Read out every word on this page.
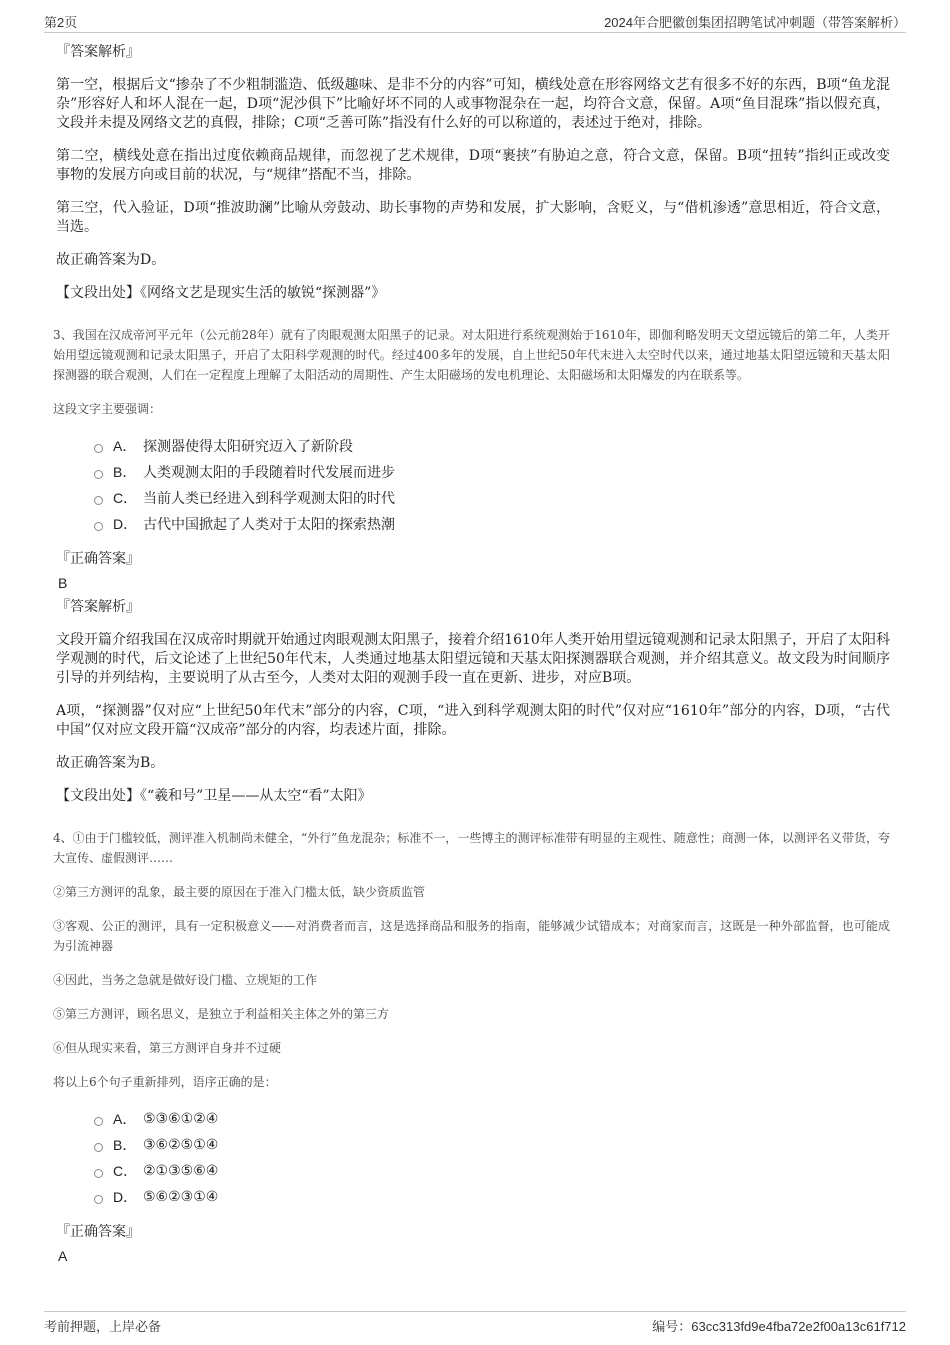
第2页	2024年合肥徽创集团招聘笔试冲刺题（带答案解析）
『答案解析』

第一空，根据后文“掺杂了不少粗制滥造、低级趣味、是非不分的内容”可知，横线处意在形容网络文艺有很多不好的东西，B项“鱼龙混杂”形容好人和坏人混在一起，D项“泥沙俱下”比喻好坏不同的人或事物混杂在一起，均符合文意，保留。A项“鱼目混珠”指以假充真，文段并未提及网络文艺的真假，排除；C项“乏善可陈”指没有什么好的可以称道的，表述过于绝对，排除。

第二空，横线处意在指出过度依赖商品规律，而忽视了艺术规律，D项“裹挟”有胁迫之意，符合文意，保留。B项“扭转”指纠正或改变事物的发展方向或目前的状况，与“规律”搭配不当，排除。

第三空，代入验证，D项“推波助澜”比喻从旁鼓动、助长事物的声势和发展，扩大影响，含贬义，与“借机渗透”意思相近，符合文意，当选。

故正确答案为D。

【文段出处】《网络文艺是现实生活的敏锐“探测器”》

3、我国在汉成帝河平元年（公元前28年）就有了肉眼观测太阳黑子的记录。对太阳进行系统观测始于1610年，即伽利略发明天文望远镜后的第二年，人类开始用望远镜观测和记录太阳黑子，开启了太阳科学观测的时代。经过400多年的发展，自上世纪50年代末进入太空时代以来，通过地基太阳望远镜和天基太阳探测器的联合观测，人们在一定程度上理解了太阳活动的周期性、产生太阳磁场的发电机理论、太阳磁场和太阳爆发的内在联系等。

这段文字主要强调：

A． 探测器使得太阳研究迈入了新阶段
B． 人类观测太阳的手段随着时代发展而进步
C． 当前人类已经进入到科学观测太阳的时代
D． 古代中国掀起了人类对于太阳的探索热潮
『正确答案』
B
『答案解析』

文段开篇介绍我国在汉成帝时期就开始通过肉眼观测太阳黑子，接着介绍1610年人类开始用望远镜观测和记录太阳黑子，开启了太阳科学观测的时代，后文论述了上世纪50年代末，人类通过地基太阳望远镜和天基太阳探测器联合观测，并介绍其意义。故文段为时间顺序引导的并列结构，主要说明了从古至今，人类对太阳的观测手段一直在更新、进步，对应B项。

A项，“探测器”仅对应“上世纪50年代末”部分的内容，C项，“进入到科学观测太阳的时代”仅对应“1610年”部分的内容，D项，“古代中国”仅对应文段开篇“汉成帝”部分的内容，均表述片面，排除。

故正确答案为B。

【文段出处】《“羲和号”卫星——从太空“看”太阳》

4、①由于门槛较低，测评准入机制尚未健全，“外行”鱼龙混杂；标准不一，一些博主的测评标准带有明显的主观性、随意性；商测一体，以测评名义带货，夸大宣传、虚假测评……

②第三方测评的乱象，最主要的原因在于准入门槛太低，缺少资质监管

③客观、公正的测评，具有一定积极意义——对消费者而言，这是选择商品和服务的指南，能够减少试错成本；对商家而言，这既是一种外部监督，也可能成为引流神器

④因此，当务之急就是做好设门槛、立规矩的工作

⑤第三方测评，顾名思义，是独立于利益相关主体之外的第三方

⑥但从现实来看，第三方测评自身并不过硬

将以上6个句子重新排列，语序正确的是：

A． ⑤③⑥①②④
B． ③⑥②⑤①④
C． ②①③⑤⑥④
D． ⑤⑥②③①④
『正确答案』
A
考前押题，上岸必备	编号：63cc313fd9e4fba72e2f00a13c61f712
